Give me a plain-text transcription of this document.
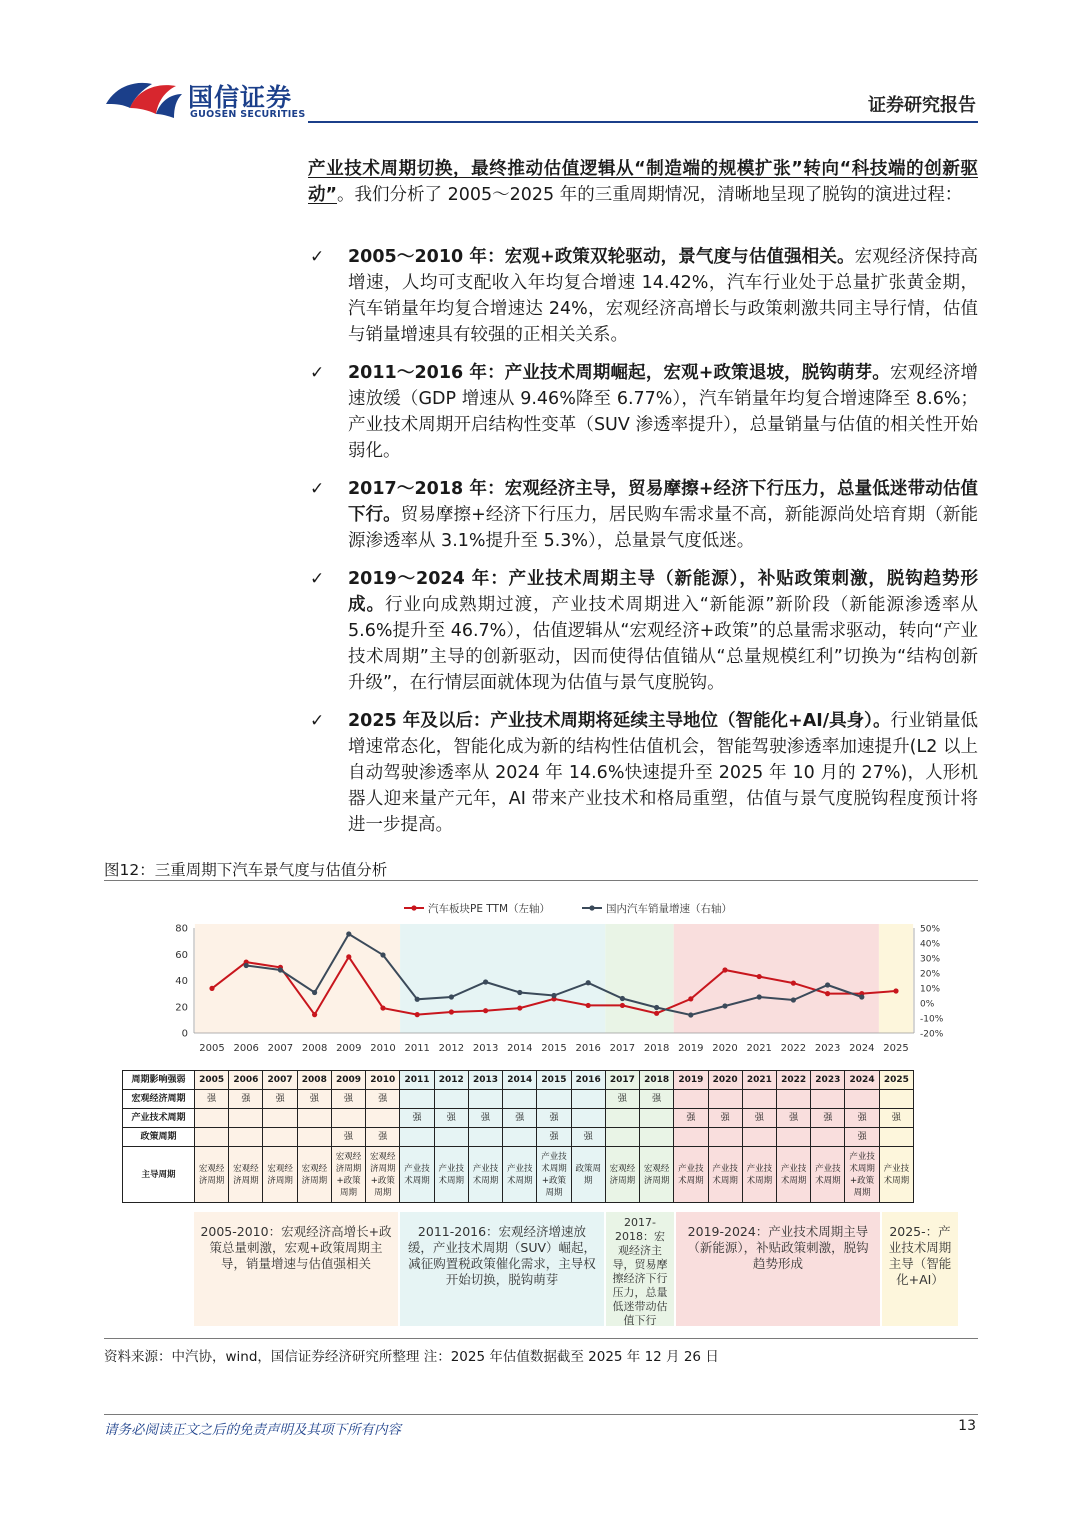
国信证券
GUOSEN SECURITIES	证券研究报告

产业技术周期切换，最终推动估值逻辑从“制造端的规模扩张”转向“科技端的创新驱动”。我们分析了 2005～2025 年的三重周期情况，清晰地呈现了脱钩的演进过程：

✓ 2005～2010 年：宏观+政策双轮驱动，景气度与估值强相关。宏观经济保持高增速，人均可支配收入年均复合增速 14.42%，汽车行业处于总量扩张黄金期，汽车销量年均复合增速达 24%，宏观经济高增长与政策刺激共同主导行情，估值与销量增速具有较强的正相关关系。
✓ 2011～2016 年：产业技术周期崛起，宏观+政策退坡，脱钩萌芽。宏观经济增速放缓（GDP 增速从 9.46%降至 6.77%），汽车销量年均复合增速降至 8.6%；产业技术周期开启结构性变革（SUV 渗透率提升），总量销量与估值的相关性开始弱化。
✓ 2017～2018 年：宏观经济主导，贸易摩擦+经济下行压力，总量低迷带动估值下行。贸易摩擦+经济下行压力，居民购车需求量不高，新能源尚处培育期（新能源渗透率从 3.1%提升至 5.3%），总量景气度低迷。
✓ 2019～2024 年：产业技术周期主导（新能源），补贴政策刺激，脱钩趋势形成。行业向成熟期过渡，产业技术周期进入“新能源”新阶段（新能源渗透率从 5.6%提升至 46.7%），估值逻辑从“宏观经济+政策”的总量需求驱动，转向“产业技术周期”主导的创新驱动，因而使得估值锚从“总量规模红利”切换为“结构创新升级”，在行情层面就体现为估值与景气度脱钩。
✓ 2025 年及以后：产业技术周期将延续主导地位（智能化+AI/具身）。行业销量低增速常态化，智能化成为新的结构性估值机会，智能驾驶渗透率加速提升(L2 以上自动驾驶渗透率从 2024 年 14.6%快速提升至 2025 年 10 月的 27%)，人形机器人迎来量产元年，AI 带来产业技术和格局重塑，估值与景气度脱钩程度预计将进一步提高。
图12：三重周期下汽车景气度与估值分析
80
60
40
20
0
50%
40%
30%
20%
10%
0%
-10%
-20%
2005 2006 2007 2008 2009 2010 2011 2012 2013 2014 2015 2016 2017 2018 2019 2020 2021 2022 2023 2024 2025
汽车板块PE TTM（左轴）	国内汽车销量增速（右轴）
周期影响强弱	2005	2006	2007	2008	2009	2010	2011	2012	2013	2014	2015	2016	2017	2018	2019	2020	2021	2022	2023	2024	2025
宏观经济周期	强	强	强	强	强	强							强	强							
产业技术周期							强	强	强	强	强				强	强	强	强	强	强	强
政策周期					强	强					强	强								强	
主导周期	宏观经济周期	宏观经济周期	宏观经济周期	宏观经济周期	宏观经济周期+政策周期	宏观经济周期+政策周期	产业技术周期	产业技术周期	产业技术周期	产业技术周期	产业技术周期+政策周期	政策周期	宏观经济周期	宏观经济周期	产业技术周期	产业技术周期	产业技术周期	产业技术周期	产业技术周期	产业技术周期+政策周期	产业技术周期
2005-2010：宏观经济高增长+政策总量刺激，宏观+政策周期主导，销量增速与估值强相关
2011-2016：宏观经济增速放缓，产业技术周期（SUV）崛起，减征购置税政策催化需求，主导权开始切换，脱钩萌芽
2017-2018：宏观经济主导，贸易摩擦经济下行压力，总量低迷带动估值下行
2019-2024：产业技术周期主导（新能源），补贴政策刺激，脱钩趋势形成
2025-：产业技术周期主导（智能化+AI）
资料来源：中汽协，wind，国信证券经济研究所整理 注：2025 年估值数据截至 2025 年 12 月 26 日
请务必阅读正文之后的免责声明及其项下所有内容	13
